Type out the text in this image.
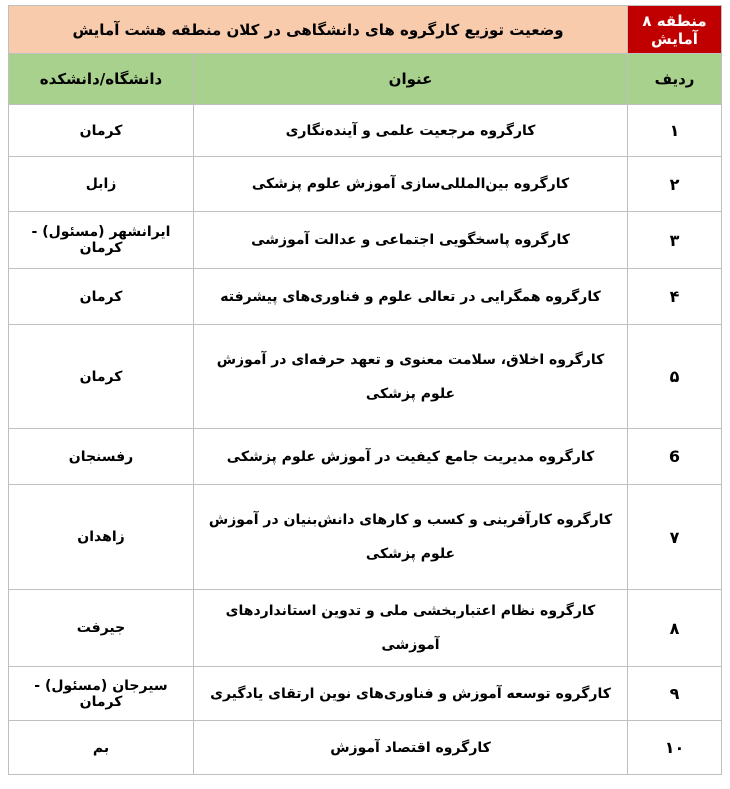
منطقه ۸ آمایش	وضعیت توزیع کارگروه های دانشگاهی در کلان منطقه هشت آمایش	
ردیف	عنوان	دانشگاه/دانشکده
۱	کارگروه مرجعیت علمی و آینده‌نگاری	کرمان
۲	کارگروه بین‌المللی‌سازی آموزش علوم پزشکی	زابل
۳	کارگروه پاسخگویی اجتماعی و عدالت آموزشی	ایرانشهر (مسئول) - کرمان
۴	کارگروه همگرایی در تعالی علوم و فناوری‌های پیشرفته	کرمان
۵	کارگروه اخلاق، سلامت معنوی و تعهد حرفه‌ای در آموزش علوم پزشکی	کرمان
6	کارگروه مدیریت جامع کیفیت در آموزش علوم پزشکی	رفسنجان
۷	کارگروه کارآفرینی و کسب و کارهای دانش‌بنیان در آموزش علوم پزشکی	زاهدان
۸	کارگروه نظام اعتباربخشی ملی و تدوین استانداردهای آموزشی	جیرفت
۹	کارگروه توسعه آموزش و فناوری‌های نوین ارتقای یادگیری	سیرجان (مسئول) - کرمان
۱۰	کارگروه اقتصاد آموزش	بم
